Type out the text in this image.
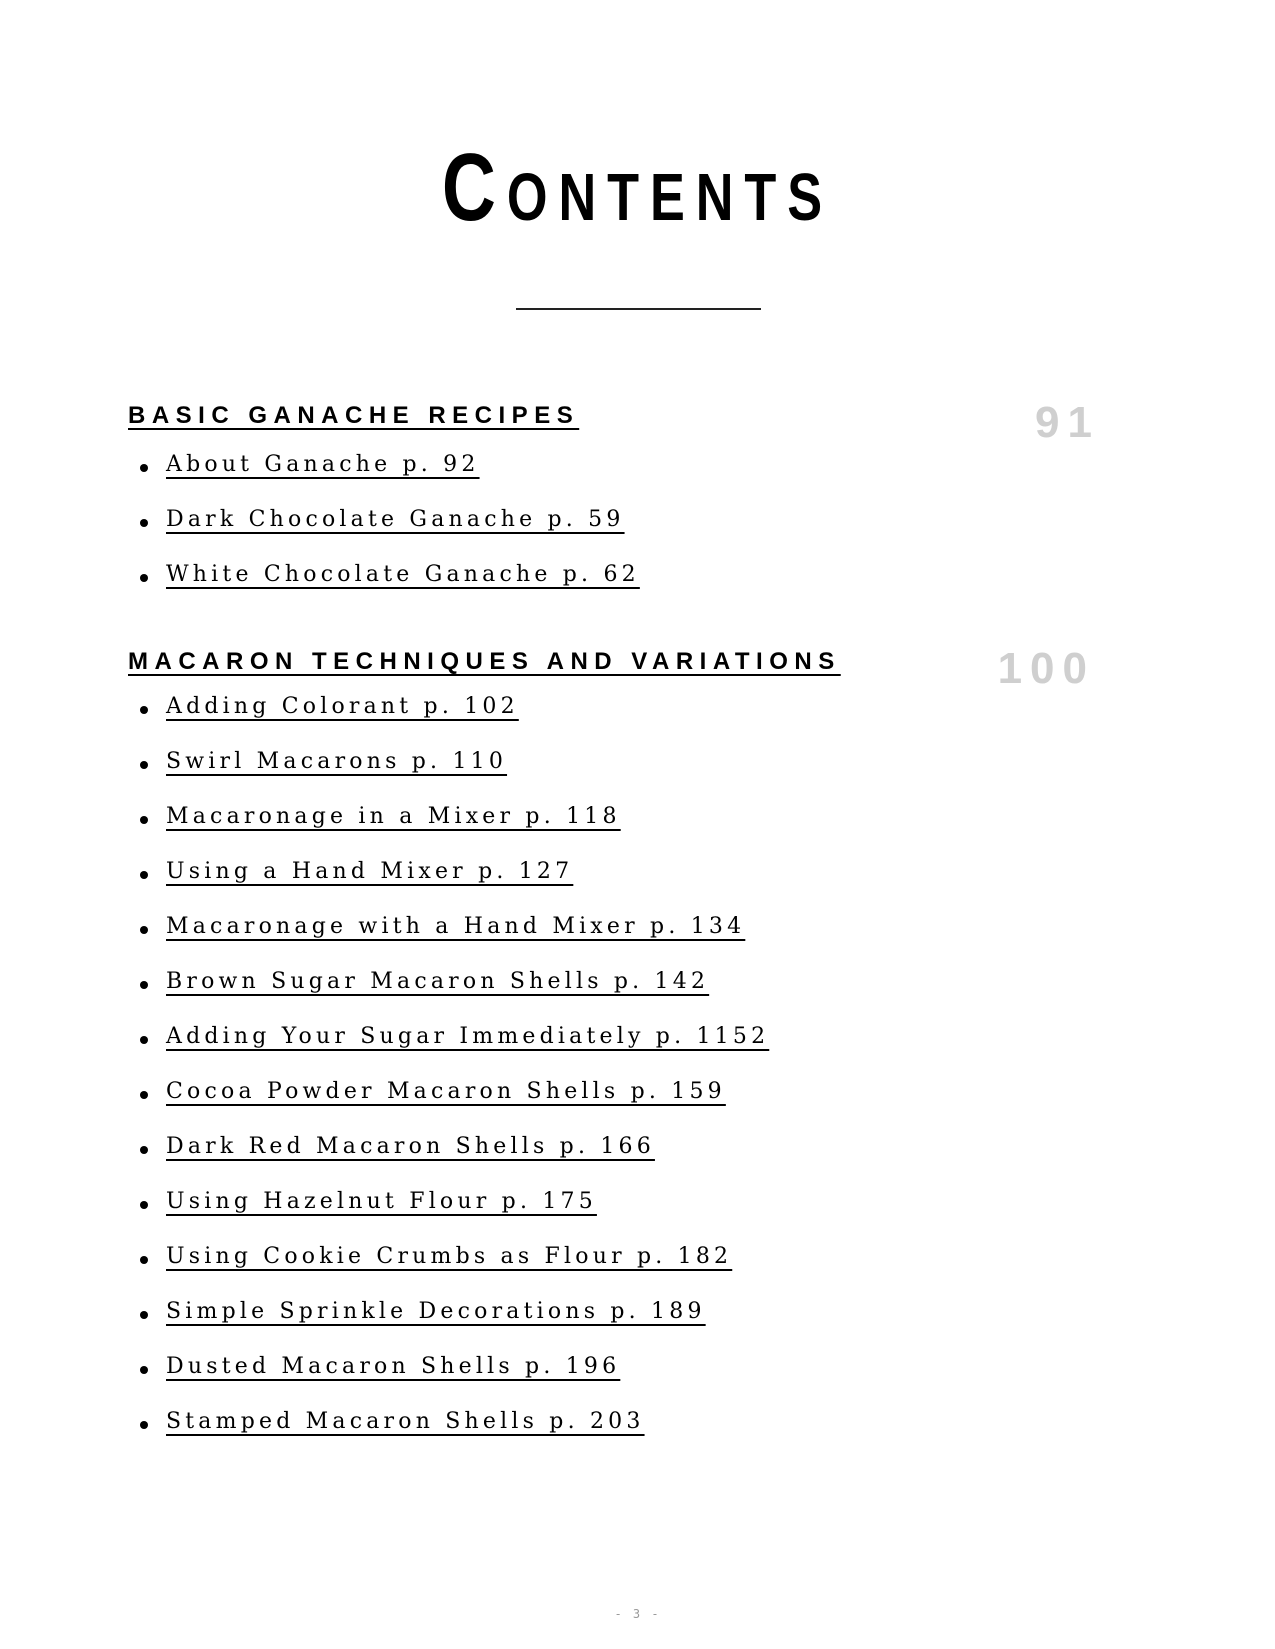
Contents
BASIC GANACHE RECIPES	91
About Ganache p. 92
Dark Chocolate Ganache p. 59
White Chocolate Ganache p. 62
MACARON TECHNIQUES AND VARIATIONS	100
Adding Colorant p. 102
Swirl Macarons p. 110
Macaronage in a Mixer p. 118
Using a Hand Mixer p. 127
Macaronage with a Hand Mixer p. 134
Brown Sugar Macaron Shells p. 142
Adding Your Sugar Immediately p. 1152
Cocoa Powder Macaron Shells p. 159
Dark Red Macaron Shells p. 166
Using Hazelnut Flour p. 175
Using Cookie Crumbs as Flour p. 182
Simple Sprinkle Decorations p. 189
Dusted Macaron Shells p. 196
Stamped Macaron Shells p. 203
- 3 -
